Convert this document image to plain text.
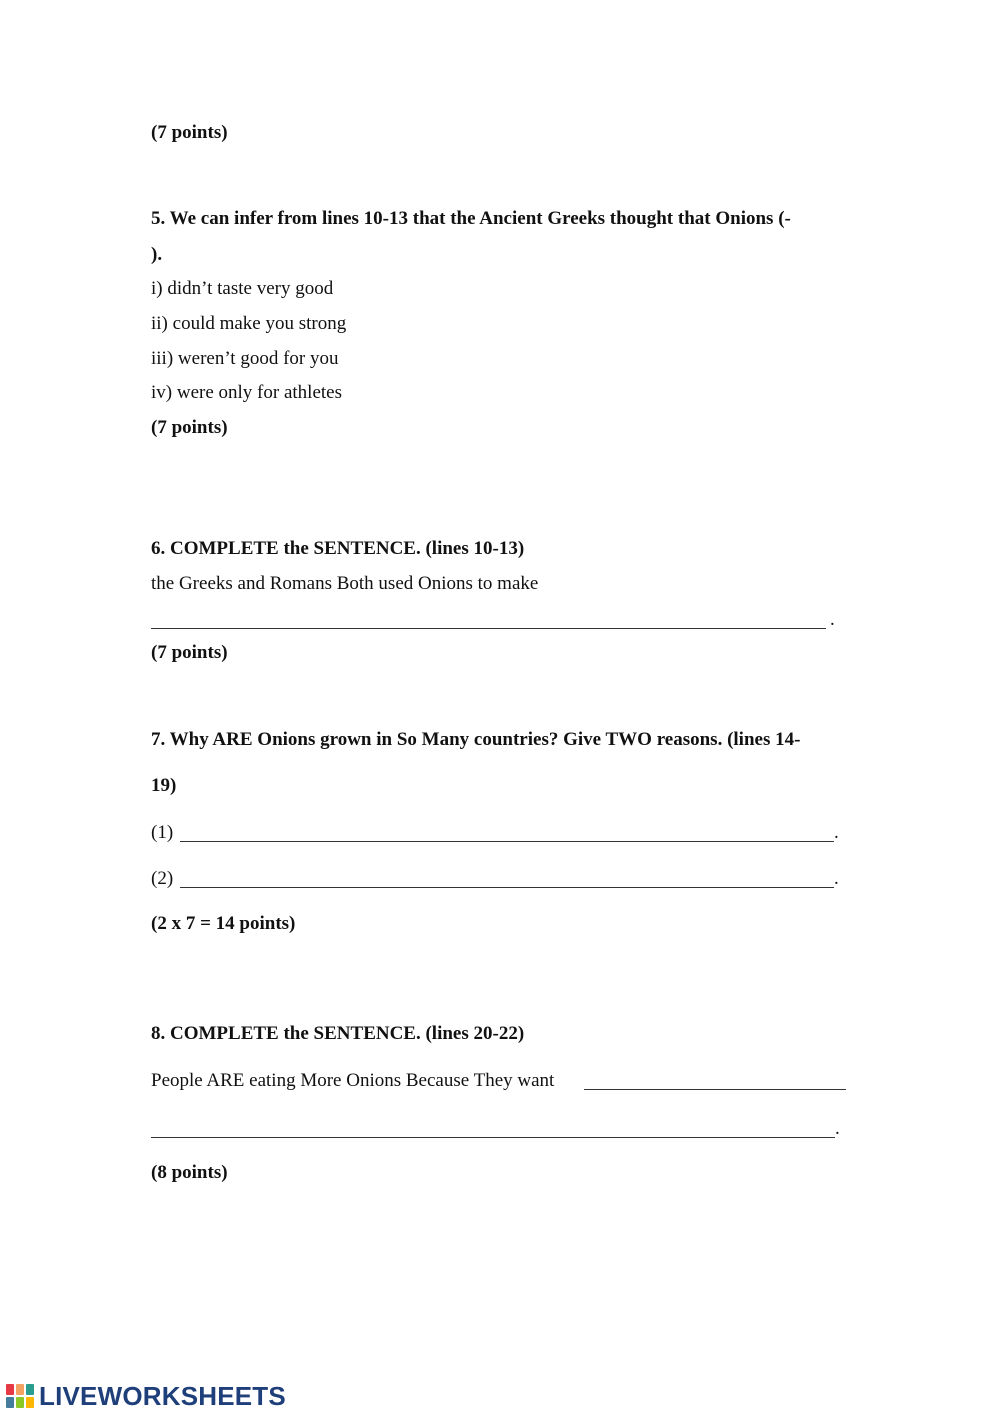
(7 points)
5. We can infer from lines 10-13 that the Ancient Greeks thought that Onions (-
).
i) didn’t taste very good
ii) could make you strong
iii) weren’t good for you
iv) were only for athletes
(7 points)
6. COMPLETE the SENTENCE. (lines 10-13)
the Greeks and Romans Both used Onions to make
.
(7 points)
7. Why ARE Onions grown in So Many countries? Give TWO reasons. (lines 14-
19)
(1)	.
(2)	.
(2 x 7 = 14 points)
8. COMPLETE the SENTENCE. (lines 20-22)
People ARE eating More Onions Because They want
.
(8 points)
LIVEWORKSHEETS
